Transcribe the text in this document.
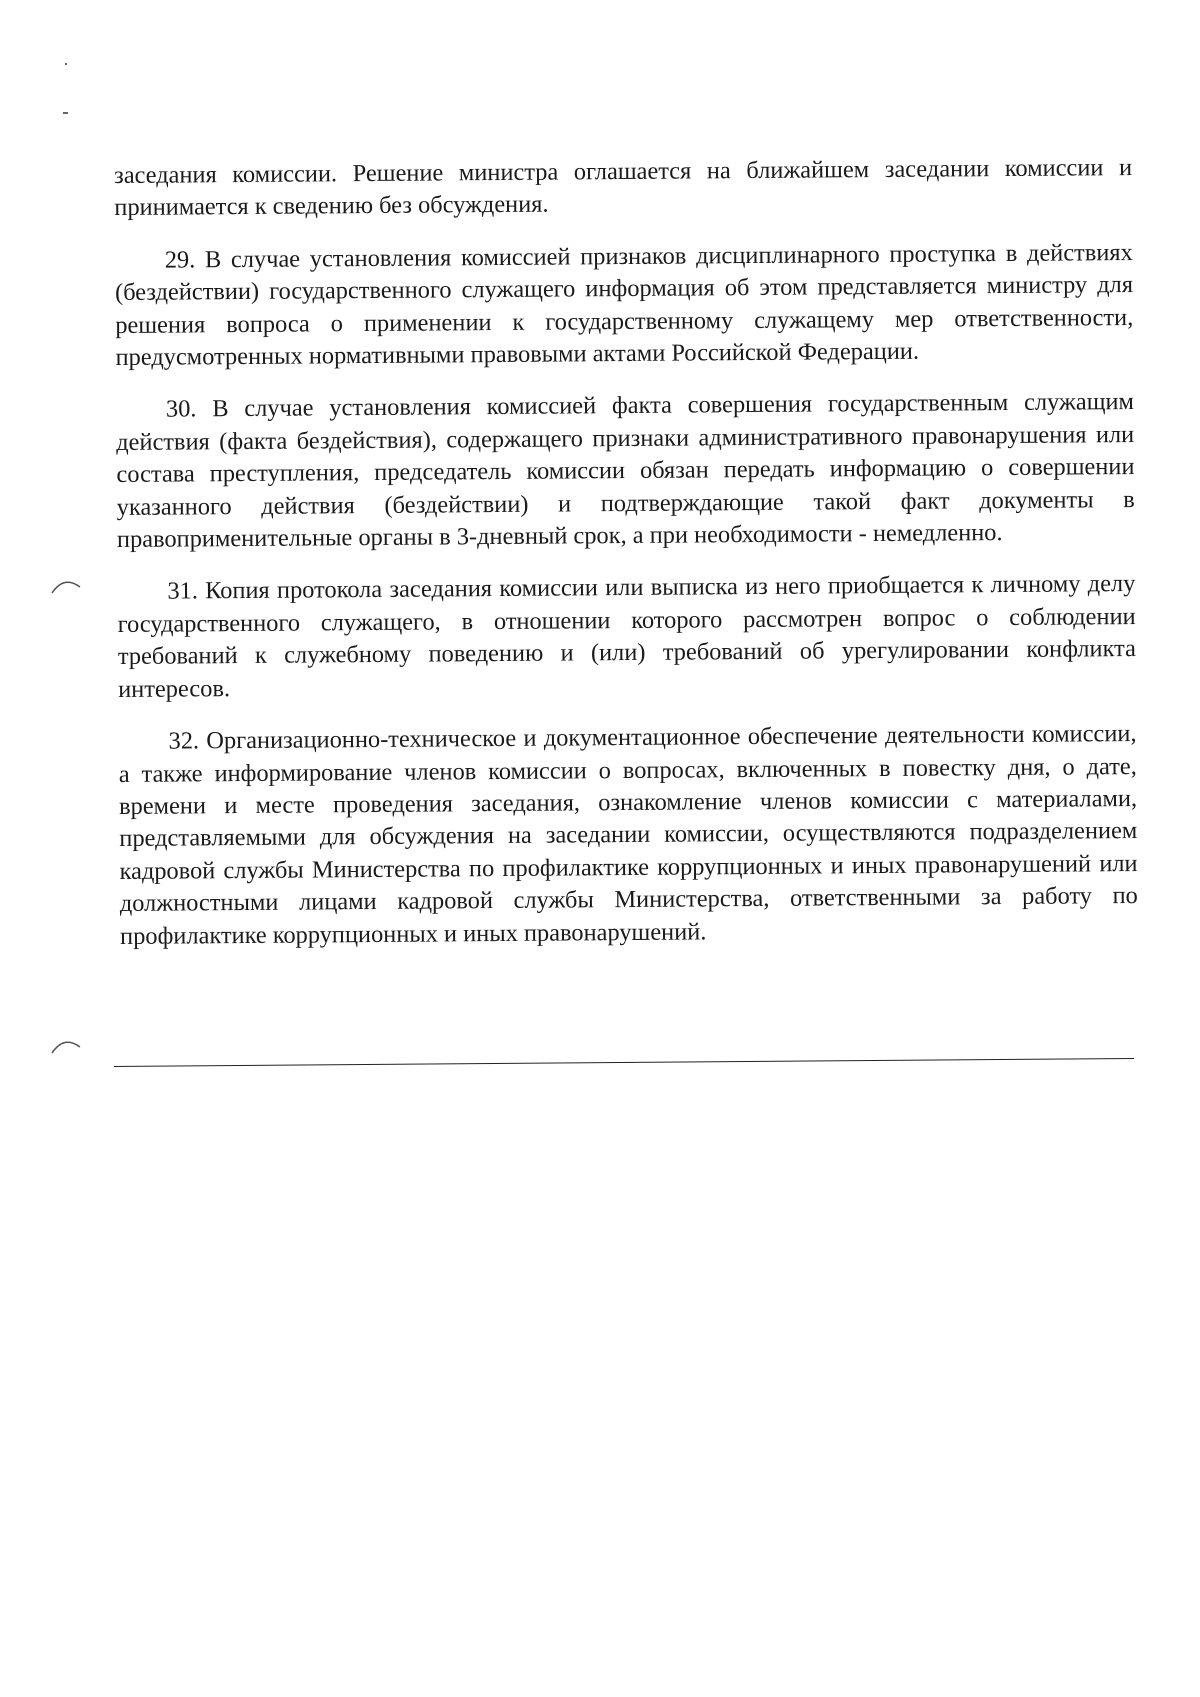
заседания комиссии. Решение министра оглашается на ближайшем заседании комиссии и принимается к сведению без обсуждения.

29. В случае установления комиссией признаков дисциплинарного проступка в действиях (бездействии) государственного служащего информация об этом представляется министру для решения вопроса о применении к государственному служащему мер ответственности, предусмотренных нормативными правовыми актами Российской Федерации.

30. В случае установления комиссией факта совершения государственным служащим действия (факта бездействия), содержащего признаки административного правонарушения или состава преступления, председатель комиссии обязан передать информацию о совершении указанного действия (бездействии) и подтверждающие такой факт документы в правоприменительные органы в 3-дневный срок, а при необходимости - немедленно.

31. Копия протокола заседания комиссии или выписка из него приобщается к личному делу государственного служащего, в отношении которого рассмотрен вопрос о соблюдении требований к служебному поведению и (или) требований об урегулировании конфликта интересов.

32. Организационно-техническое и документационное обеспечение деятельности комиссии, а также информирование членов комиссии о вопросах, включенных в повестку дня, о дате, времени и месте проведения заседания, ознакомление членов комиссии с материалами, представляемыми для обсуждения на заседании комиссии, осуществляются подразделением кадровой службы Министерства по профилактике коррупционных и иных правонарушений или должностными лицами кадровой службы Министерства, ответственными за работу по профилактике коррупционных и иных правонарушений.
